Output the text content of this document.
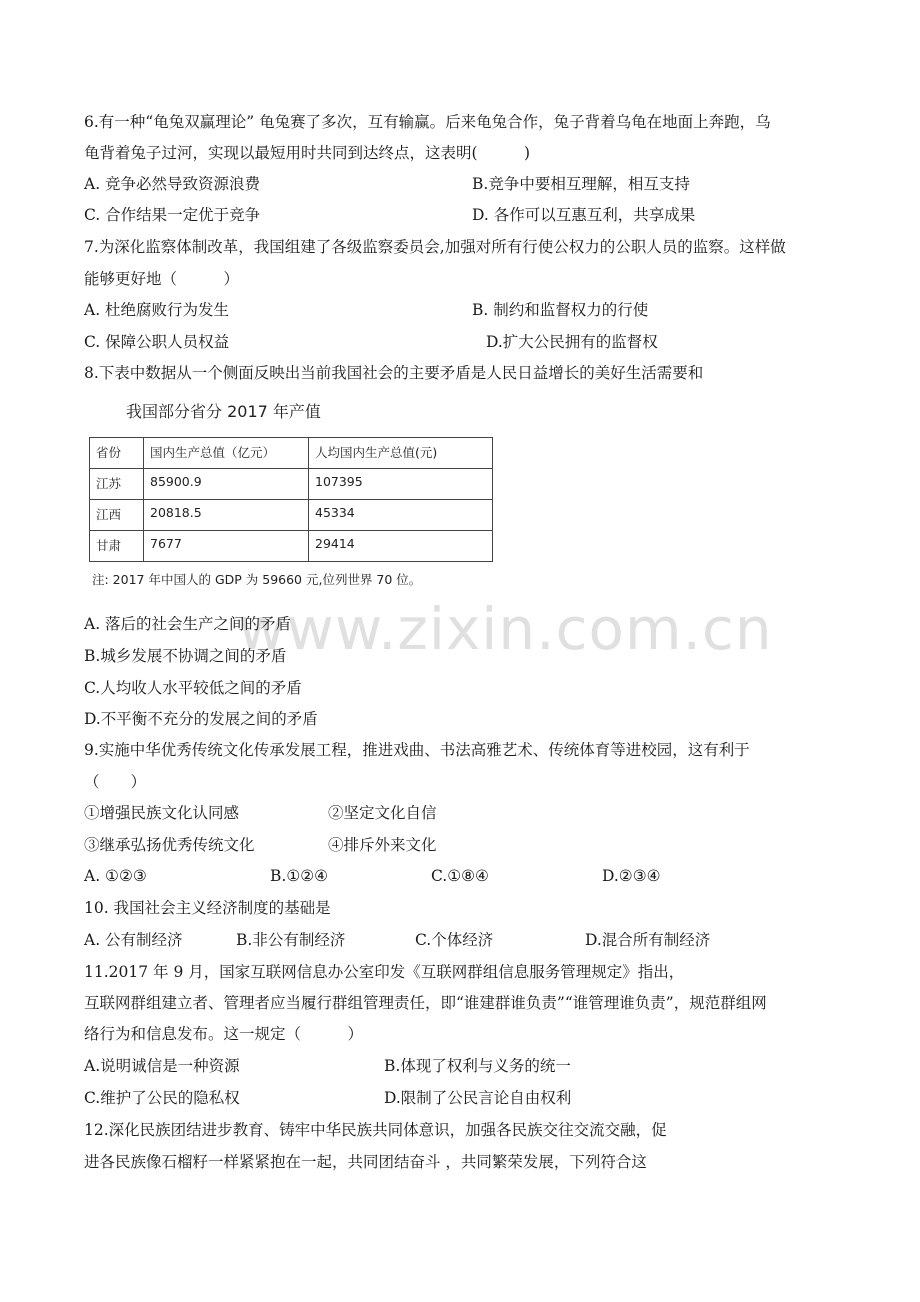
6.有一种“龟兔双赢理论” 龟兔赛了多次，互有输赢。后来龟兔合作，兔子背着乌龟在地面上奔跑，乌
龟背着兔子过河，实现以最短用时共同到达终点，这表明(　　　)
A. 竞争必然导致资源浪费	B.竞争中要相互理解，相互支持
C. 合作结果一定优于竞争	D. 各作可以互惠互利，共享成果
7.为深化监察体制改革，我国组建了各级监察委员会,加强对所有行使公权力的公职人员的监察。这样做
能够更好地（　　　）
A. 杜绝腐败行为发生	B. 制约和监督权力的行使
C. 保障公职人员权益	D.扩大公民拥有的监督权
8.下表中数据从一个侧面反映出当前我国社会的主要矛盾是人民日益增长的美好生活需要和
我国部分省分 2017 年产值
省份	国内生产总值（亿元）	人均国内生产总值(元)
江苏	85900.9	107395
江西	20818.5	45334
甘肃	7677	29414
注: 2017 年中国人的 GDP 为 59660 元,位列世界 70 位。
www.zixin.com.cn
A. 落后的社会生产之间的矛盾
B.城乡发展不协调之间的矛盾
C.人均收人水平较低之间的矛盾
D.不平衡不充分的发展之间的矛盾
9.实施中华优秀传统文化传承发展工程，推进戏曲、书法高雅艺术、传统体育等进校园，这有利于
（　　）
①增强民族文化认同感	②坚定文化自信
③继承弘扬优秀传统文化	④排斥外来文化
A. ①②③	B.①②④	C.①⑧④	D.②③④
10. 我国社会主义经济制度的基础是
A. 公有制经济	B.非公有制经济	C.个体经济	D.混合所有制经济
11.2017 年 9 月，国家互联网信息办公室印发《互联网群组信息服务管理规定》指出，
互联网群组建立者、管理者应当履行群组管理责任，即“谁建群谁负责”“谁管理谁负责”，规范群组网
络行为和信息发布。这一规定（　　　）
A.说明诚信是一种资源	B.体现了权利与义务的统一
C.维护了公民的隐私权	D.限制了公民言论自由权利
12.深化民族团结进步教育、铸牢中华民族共同体意识，加强各民族交往交流交融，促
进各民族像石榴籽一样紧紧抱在一起，共同团结奋斗 ，共同繁荣发展，下列符合这
